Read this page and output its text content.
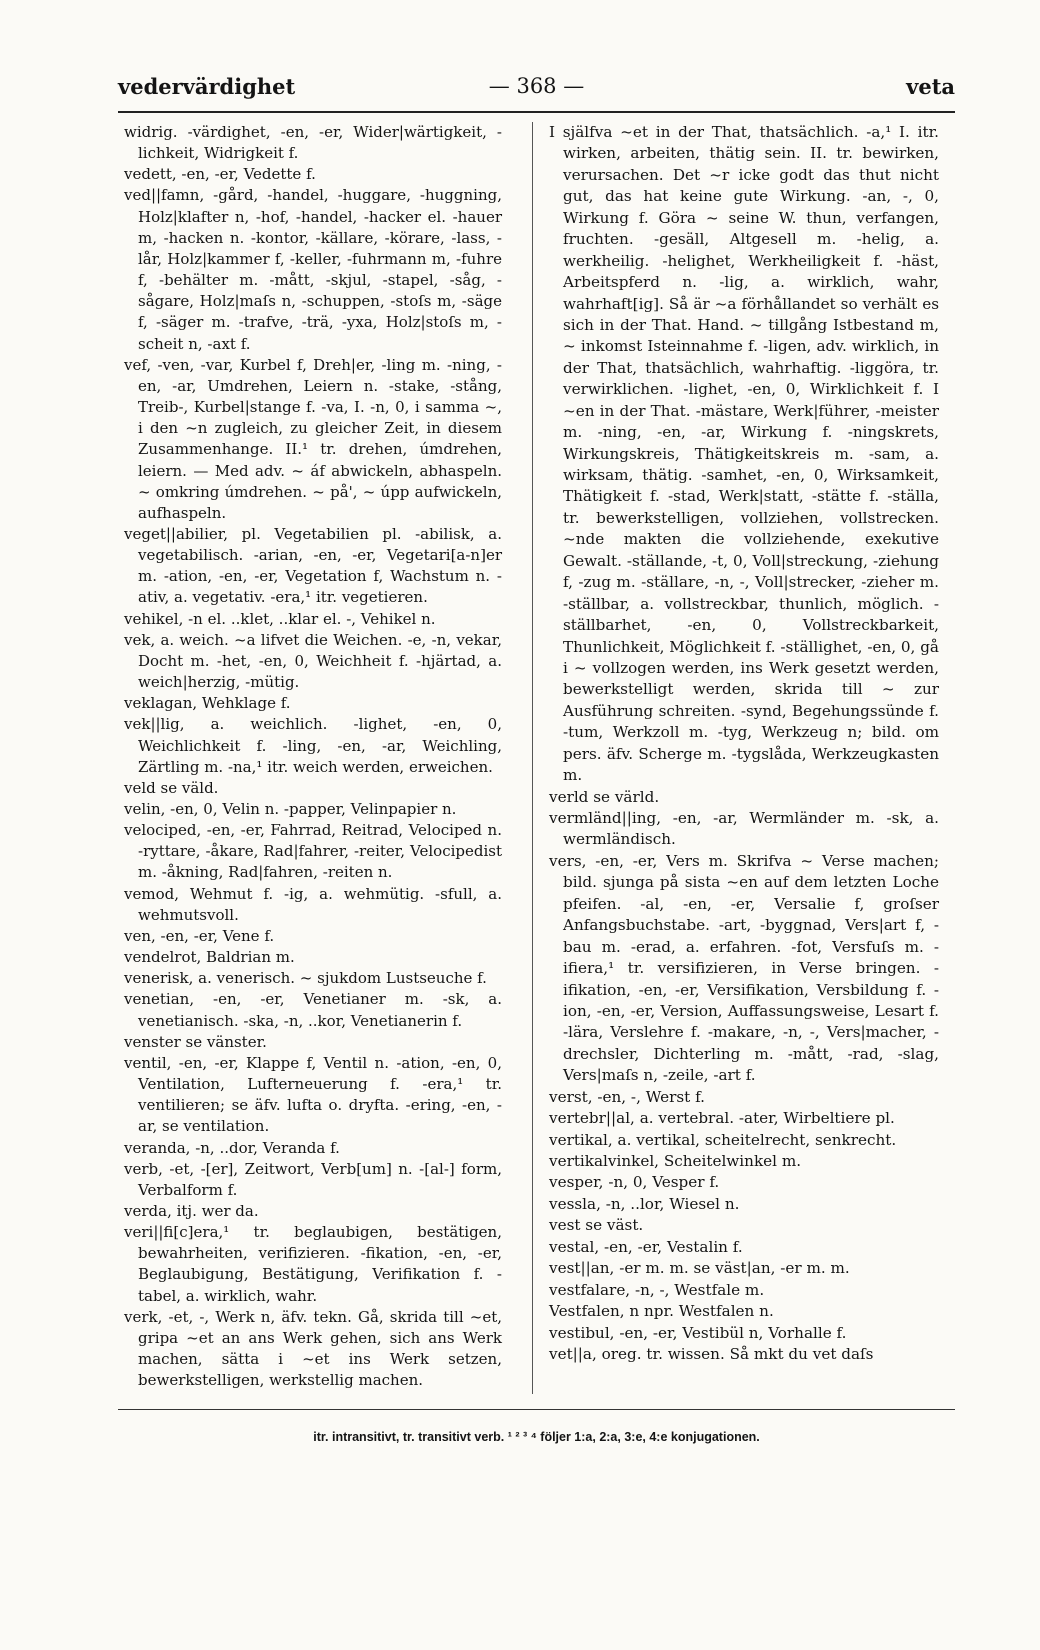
vedervärdighet	— 368 —	veta

widrig. -värdighet, -en, -er, Wider|wärtigkeit, -lichkeit, Widrigkeit f.

vedett, -en, -er, Vedette f.

ved||famn, -gård, -handel, -huggare, -huggning, Holz|klafter n, -hof, -handel, -hacker el. -hauer m, -hacken n. -kontor, -källare, -körare, -lass, -lår, Holz|kammer f, -keller, -fuhrmann m, -fuhre f, -behälter m. -mått, -skjul, -stapel, -såg, -sågare, Holz|maſs n, -schuppen, -stoſs m, -säge f, -säger m. -trafve, -trä, -yxa, Holz|stoſs m, -scheit n, -axt f.

vef, -ven, -var, Kurbel f, Dreh|er, -ling m. -ning, -en, -ar, Umdrehen, Leiern n. -stake, -stång, Treib-, Kurbel|stange f. -va, I. -n, 0, i samma ~, i den ~n zugleich, zu gleicher Zeit, in diesem Zusammenhange. II.¹ tr. drehen, úmdrehen, leiern. — Med adv. ~ áf abwickeln, abhaspeln. ~ omkring úmdrehen. ~ på', ~ úpp aufwickeln, aufhaspeln.

veget||abilier, pl. Vegetabilien pl. -abilisk, a. vegetabilisch. -arian, -en, -er, Vegetari[a-n]er m. -ation, -en, -er, Vegetation f, Wachstum n. -ativ, a. vegetativ. -era,¹ itr. vegetieren.

vehikel, -n el. ..klet, ..klar el. -, Vehikel n.

vek, a. weich. ~a lifvet die Weichen. -e, -n, vekar, Docht m. -het, -en, 0, Weichheit f. -hjärtad, a. weich|herzig, -mütig.

veklagan, Wehklage f.

vek||lig, a. weichlich. -lighet, -en, 0, Weichlichkeit f. -ling, -en, -ar, Weichling, Zärtling m. -na,¹ itr. weich werden, erweichen.

veld se väld.

velin, -en, 0, Velin n. -papper, Velinpapier n.

velociped, -en, -er, Fahrrad, Reitrad, Velociped n. -ryttare, -åkare, Rad|fahrer, -reiter, Velocipedist m. -åkning, Rad|fahren, -reiten n.

vemod, Wehmut f. -ig, a. wehmütig. -sfull, a. wehmutsvoll.

ven, -en, -er, Vene f.

vendelrot, Baldrian m.

venerisk, a. venerisch. ~ sjukdom Lustseuche f.

venetian, -en, -er, Venetianer m. -sk, a. venetianisch. -ska, -n, ..kor, Venetianerin f.

venster se vänster.

ventil, -en, -er, Klappe f, Ventil n. -ation, -en, 0, Ventilation, Lufterneuerung f. -era,¹ tr. ventilieren; se äfv. lufta o. dryfta. -ering, -en, -ar, se ventilation.

veranda, -n, ..dor, Veranda f.

verb, -et, -[er], Zeitwort, Verb[um] n. -[al-] form, Verbalform f.

verda, itj. wer da.

veri||fi[c]era,¹ tr. beglaubigen, bestätigen, bewahrheiten, verifizieren. -fikation, -en, -er, Beglaubigung, Bestätigung, Verifikation f. -tabel, a. wirklich, wahr.

verk, -et, -, Werk n, äfv. tekn. Gå, skrida till ~et, gripa ~et an ans Werk gehen, sich ans Werk machen, sätta i ~et ins Werk setzen, bewerkstelligen, werkstellig machen.

I själfva ~et in der That, thatsächlich. -a,¹ I. itr. wirken, arbeiten, thätig sein. II. tr. bewirken, verursachen. Det ~r icke godt das thut nicht gut, das hat keine gute Wirkung. -an, -, 0, Wirkung f. Göra ~ seine W. thun, verfangen, fruchten. -gesäll, Altgesell m. -helig, a. werkheilig. -helighet, Werkheiligkeit f. -häst, Arbeitspferd n. -lig, a. wirklich, wahr, wahrhaft[ig]. Så är ~a förhållandet so verhält es sich in der That. Hand. ~ tillgång Istbestand m, ~ inkomst Isteinnahme f. -ligen, adv. wirklich, in der That, thatsächlich, wahrhaftig. -liggöra, tr. verwirklichen. -lighet, -en, 0, Wirklichkeit f. I ~en in der That. -mästare, Werk|führer, -meister m. -ning, -en, -ar, Wirkung f. -ningskrets, Wirkungskreis, Thätigkeitskreis m. -sam, a. wirksam, thätig. -samhet, -en, 0, Wirksamkeit, Thätigkeit f. -stad, Werk|statt, -stätte f. -ställa, tr. bewerkstelligen, vollziehen, vollstrecken. ~nde makten die vollziehende, exekutive Gewalt. -ställande, -t, 0, Voll|streckung, -ziehung f, -zug m. -ställare, -n, -, Voll|strecker, -zieher m. -ställbar, a. vollstreckbar, thunlich, möglich. -ställbarhet, -en, 0, Vollstreckbarkeit, Thunlichkeit, Möglichkeit f. -ställighet, -en, 0, gå i ~ vollzogen werden, ins Werk gesetzt werden, bewerkstelligt werden, skrida till ~ zur Ausführung schreiten. -synd, Begehungssünde f. -tum, Werkzoll m. -tyg, Werkzeug n; bild. om pers. äfv. Scherge m. -tygslåda, Werkzeugkasten m.

verld se värld.

vermländ||ing, -en, -ar, Wermländer m. -sk, a. wermländisch.

vers, -en, -er, Vers m. Skrifva ~ Verse machen; bild. sjunga på sista ~en auf dem letzten Loche pfeifen. -al, -en, -er, Versalie f, groſser Anfangsbuchstabe. -art, -byggnad, Vers|art f, -bau m. -erad, a. erfahren. -fot, Versfuſs m. -ifiera,¹ tr. versifizieren, in Verse bringen. -ifikation, -en, -er, Versifikation, Versbildung f. -ion, -en, -er, Version, Auffassungsweise, Lesart f. -lära, Verslehre f. -makare, -n, -, Vers|macher, -drechsler, Dichterling m. -mått, -rad, -slag, Vers|maſs n, -zeile, -art f.

verst, -en, -, Werst f.

vertebr||al, a. vertebral. -ater, Wirbeltiere pl.

vertikal, a. vertikal, scheitelrecht, senkrecht.

vertikalvinkel, Scheitelwinkel m.

vesper, -n, 0, Vesper f.

vessla, -n, ..lor, Wiesel n.

vest se väst.

vestal, -en, -er, Vestalin f.

vest||an, -er m. m. se väst|an, -er m. m.

vestfalare, -n, -, Westfale m.

Vestfalen, n npr. Westfalen n.

vestibul, -en, -er, Vestibül n, Vorhalle f.

vet||a, oreg. tr. wissen. Så mkt du vet daſs

itr. intransitivt, tr. transitivt verb. ¹ ² ³ ⁴ följer 1:a, 2:a, 3:e, 4:e konjugationen.
